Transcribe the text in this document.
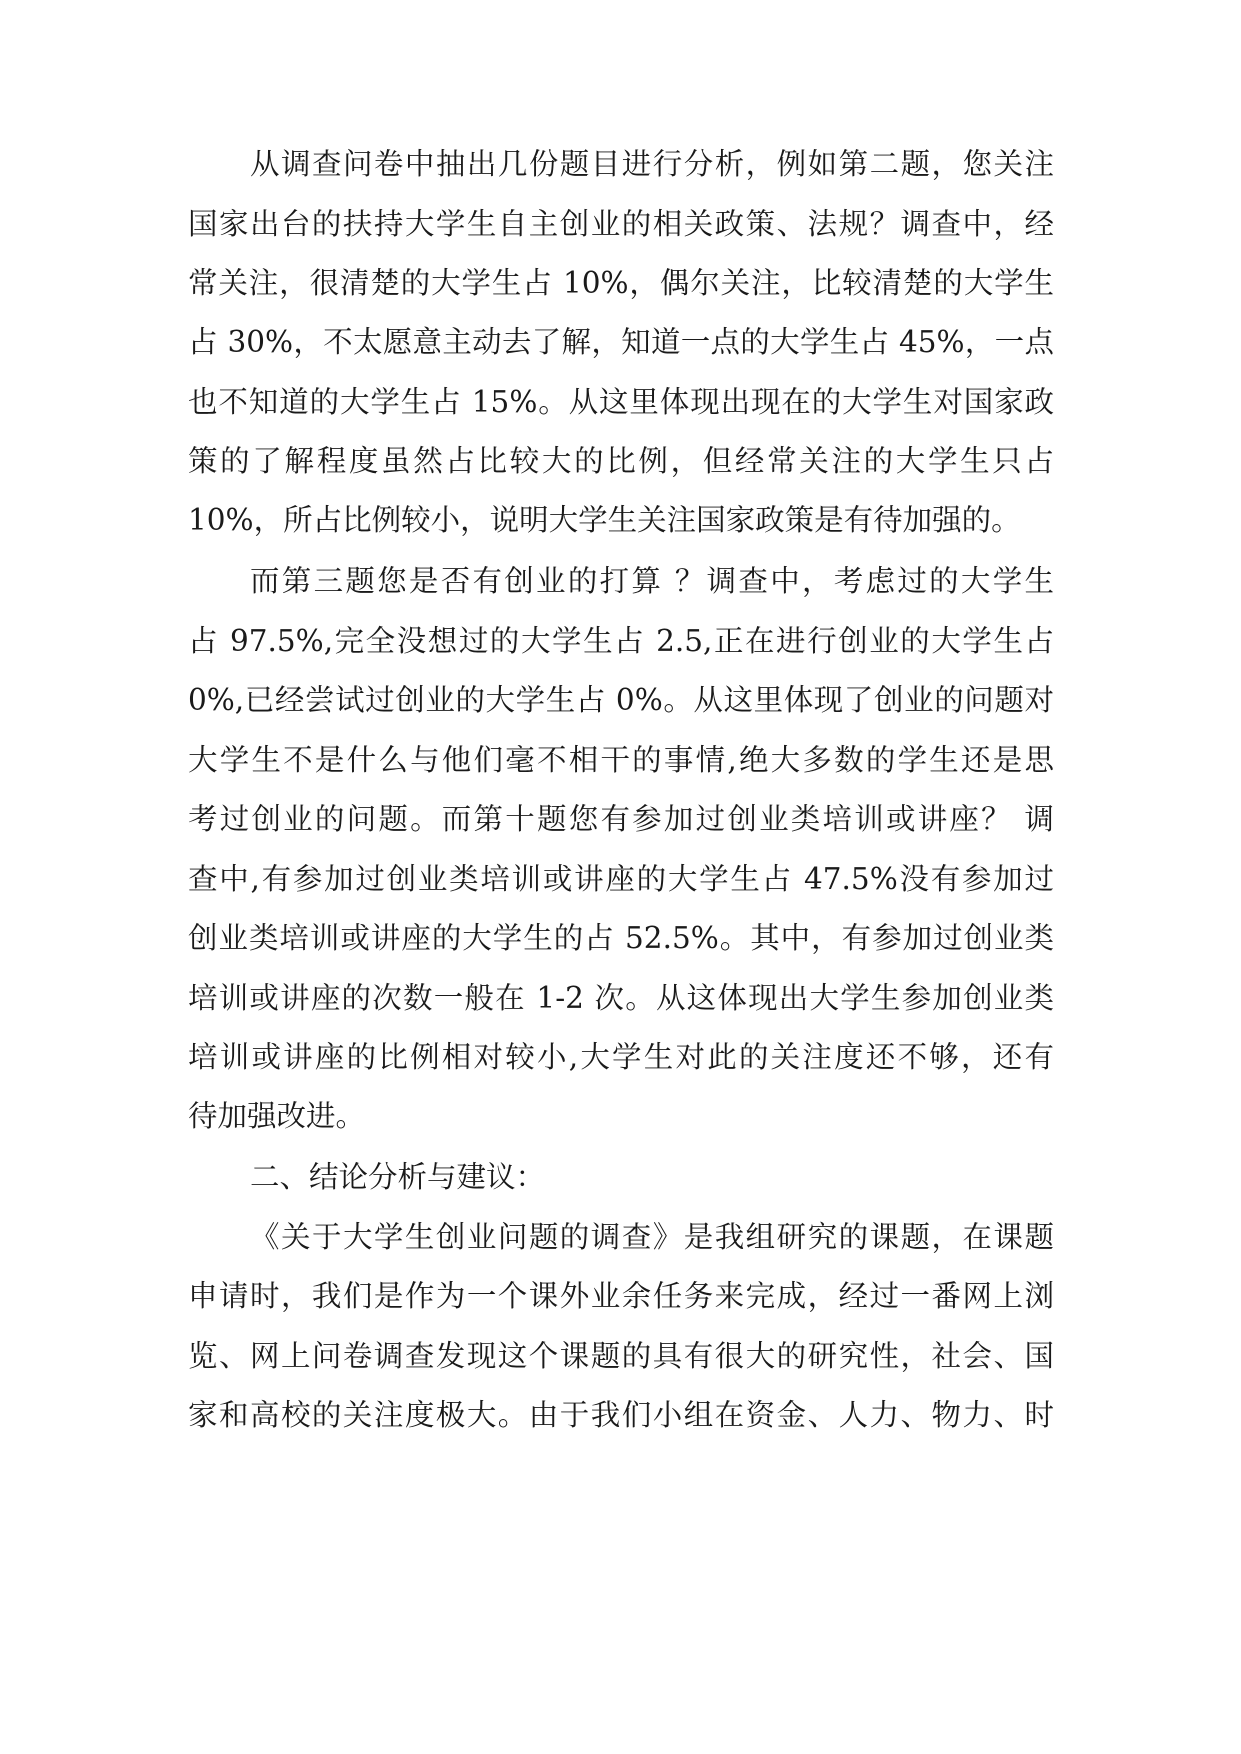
从调查问卷中抽出几份题目进行分析，例如第二题，您关注

国家出台的扶持大学生自主创业的相关政策、法规？调查中，经

常关注，很清楚的大学生占 10%，偶尔关注，比较清楚的大学生

占 30%，不太愿意主动去了解，知道一点的大学生占 45%，一点

也不知道的大学生占 15%。从这里体现出现在的大学生对国家政

策的了解程度虽然占比较大的比例，但经常关注的大学生只占

10%，所占比例较小，说明大学生关注国家政策是有待加强的。

而第三题您是否有创业的打算 ？调查中，考虑过的大学生

占 97.5%,完全没想过的大学生占 2.5,正在进行创业的大学生占

0%,已经尝试过创业的大学生占 0%。从这里体现了创业的问题对

大学生不是什么与他们毫不相干的事情,绝大多数的学生还是思

考过创业的问题。而第十题您有参加过创业类培训或讲座？ 调

查中,有参加过创业类培训或讲座的大学生占 47.5%没有参加过

创业类培训或讲座的大学生的占 52.5%。其中，有参加过创业类

培训或讲座的次数一般在 1-2 次。从这体现出大学生参加创业类

培训或讲座的比例相对较小,大学生对此的关注度还不够，还有

待加强改进。

二、结论分析与建议：

《关于大学生创业问题的调查》是我组研究的课题，在课题

申请时，我们是作为一个课外业余任务来完成，经过一番网上浏

览、网上问卷调查发现这个课题的具有很大的研究性，社会、国

家和高校的关注度极大。由于我们小组在资金、人力、物力、时
